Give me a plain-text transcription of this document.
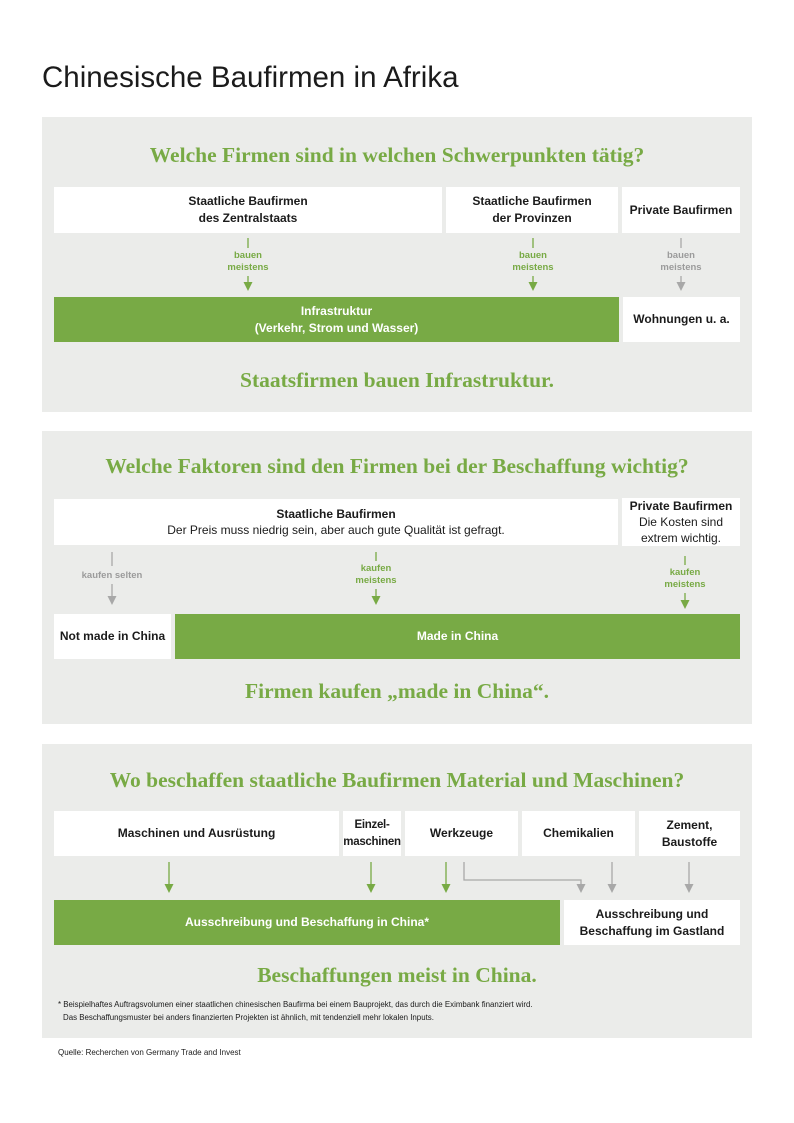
Chinesische Baufirmen in Afrika
Welche Firmen sind in welchen Schwerpunkten tätig?
Staatliche Baufirmen
des Zentralstaats
Staatliche Baufirmen
der Provinzen
Private Baufirmen
bauen
meistens
bauen
meistens
bauen
meistens
Infrastruktur
(Verkehr, Strom und Wasser)
Wohnungen u. a.
Staatsfirmen bauen Infrastruktur.
Welche Faktoren sind den Firmen bei der Beschaffung wichtig?
Staatliche Baufirmen
Der Preis muss niedrig sein, aber auch gute Qualität ist gefragt.
Private Baufirmen
Die Kosten sind
extrem wichtig.
kaufen selten
kaufen
meistens
kaufen
meistens
Not made in China	Made in China
Firmen kaufen „made in China“.
Wo beschaffen staatliche Baufirmen Material und Maschinen?
Maschinen und Ausrüstung
Einzel-
maschinen
Werkzeuge	Chemikalien
Zement,
Baustoffe
Ausschreibung und Beschaffung in China*
Ausschreibung und
Beschaffung im Gastland
Beschaffungen meist in China.
* Beispielhaftes Auftragsvolumen einer staatlichen chinesischen Baufirma bei einem Bauprojekt, das durch die Eximbank finanziert wird.
Das Beschaffungsmuster bei anders finanzierten Projekten ist ähnlich, mit tendenziell mehr lokalen Inputs.
Quelle: Recherchen von Germany Trade and Invest
